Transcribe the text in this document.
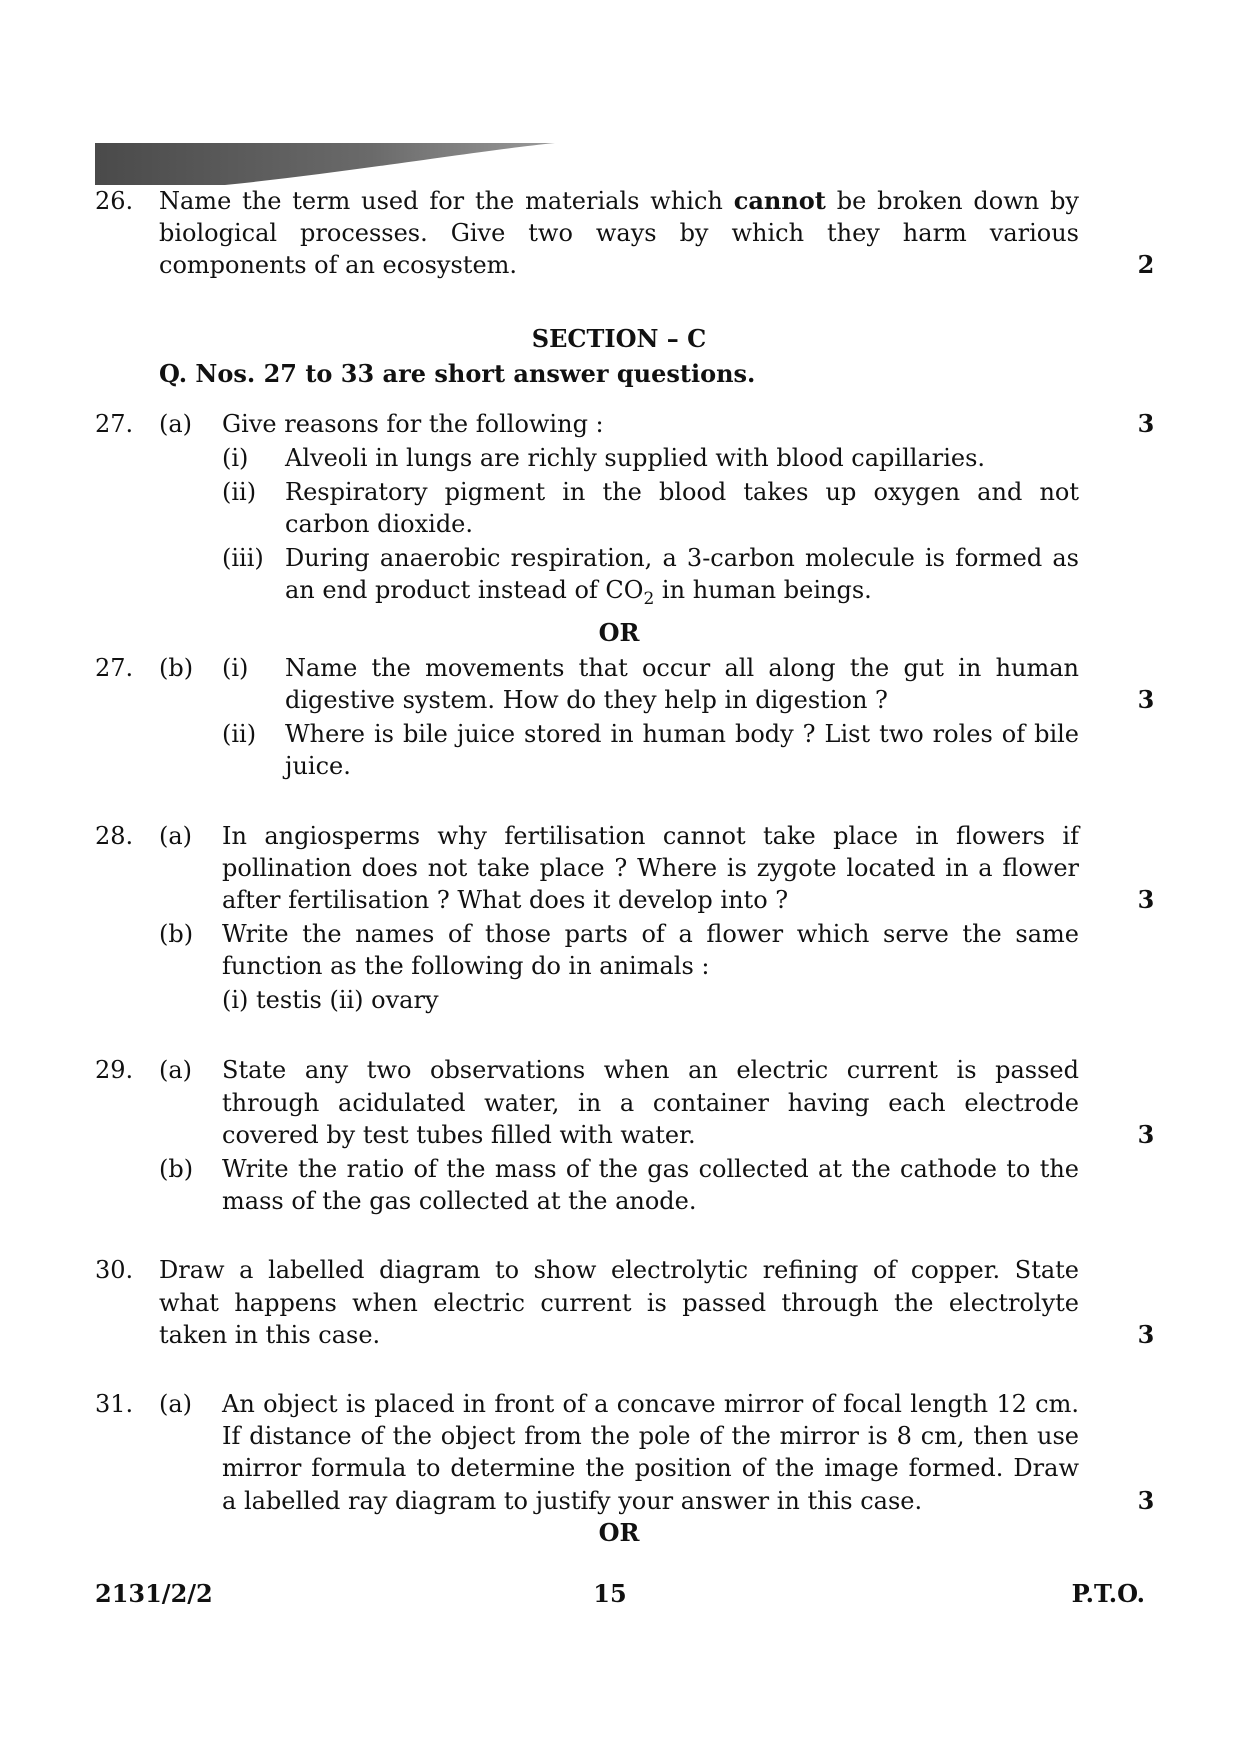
26. Name the term used for the materials which cannot be broken down by

biological processes. Give two ways by which they harm various

components of an ecosystem.	2

SECTION – C

Q. Nos. 27 to 33 are short answer questions.

27. (a) Give reasons for the following :	3

(i) Alveoli in lungs are richly supplied with blood capillaries.

(ii) Respiratory pigment in the blood takes up oxygen and not

carbon dioxide.

(iii) During anaerobic respiration, a 3-carbon molecule is formed as

an end product instead of $CO_2$ in human beings.

OR

27. (b) (i) Name the movements that occur all along the gut in human

digestive system. How do they help in digestion ?	3

(ii) Where is bile juice stored in human body ? List two roles of bile

juice.

28. (a) In angiosperms why fertilisation cannot take place in flowers if

pollination does not take place ? Where is zygote located in a flower

after fertilisation ? What does it develop into ?	3

(b) Write the names of those parts of a flower which serve the same

function as the following do in animals :

(i) testis (ii) ovary

29. (a) State any two observations when an electric current is passed

through acidulated water, in a container having each electrode

covered by test tubes filled with water.	3

(b) Write the ratio of the mass of the gas collected at the cathode to the

mass of the gas collected at the anode.

30. Draw a labelled diagram to show electrolytic refining of copper. State

what happens when electric current is passed through the electrolyte

taken in this case.	3

31. (a) An object is placed in front of a concave mirror of focal length 12 cm.

If distance of the object from the pole of the mirror is 8 cm, then use

mirror formula to determine the position of the image formed. Draw

a labelled ray diagram to justify your answer in this case.	3

OR

2131/2/2	15	P.T.O.
